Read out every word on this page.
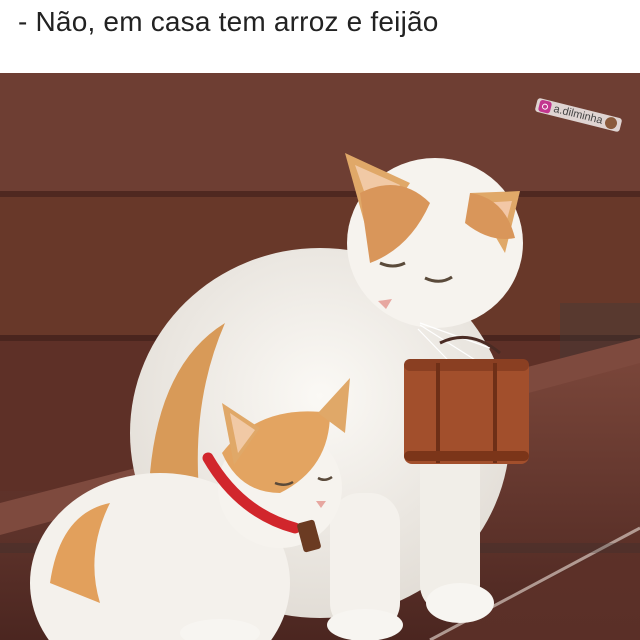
- Não, em casa tem arroz e feijão

a.dilminha
